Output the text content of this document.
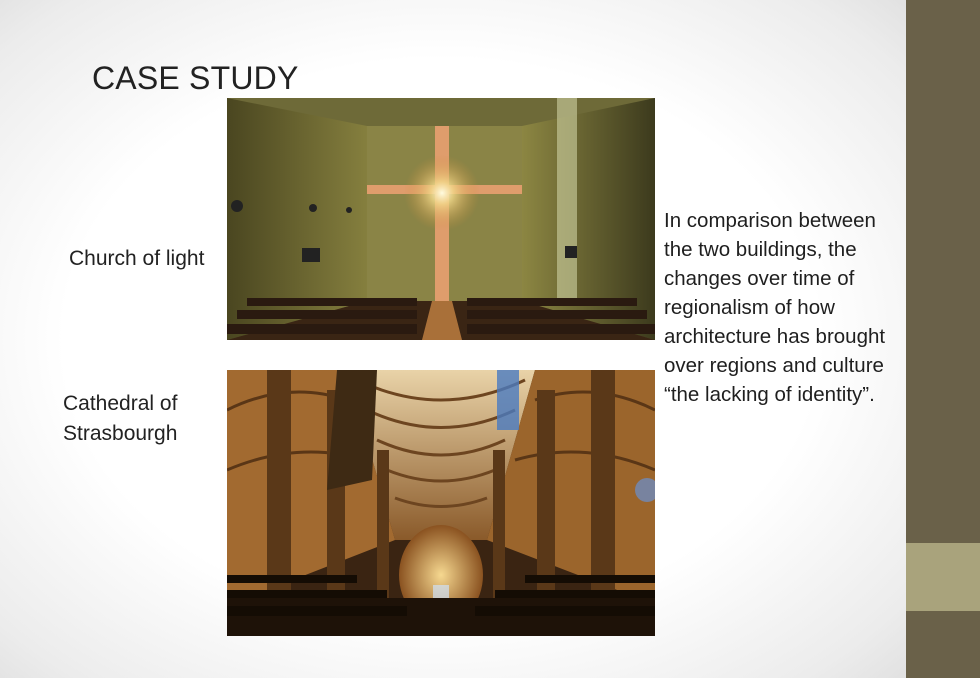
CASE STUDY
Church of light
Cathedral of Strasbourgh
In comparison between the two buildings, the changes over time of regionalism of how architecture has brought over regions and culture “the lacking of identity”.
